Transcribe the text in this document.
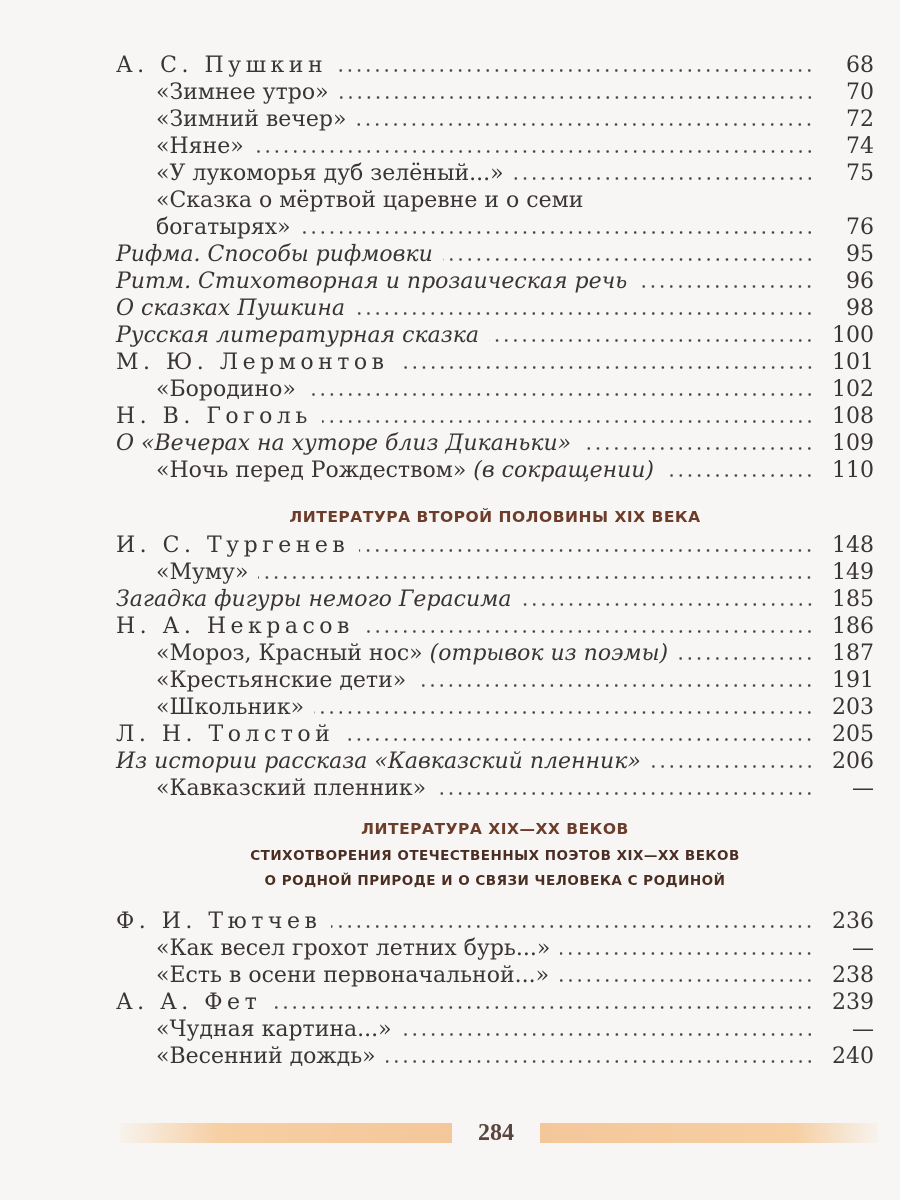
А. С. Пушкин	68
«Зимнее утро»	70
«Зимний вечер»	72
«Няне»	74
«У лукоморья дуб зелёный...»	75
«Сказка о мёртвой царевне и о семи
богатырях»	76
Рифма. Способы рифмовки	95
Ритм. Стихотворная и прозаическая речь	96
О сказках Пушкина	98
Русская литературная сказка	100
М. Ю. Лермонтов	101
«Бородино»	102
Н. В. Гоголь	108
О «Вечерах на хуторе близ Диканьки»	109
«Ночь перед Рождеством» (в сокращении)	110
ЛИТЕРАТУРА ВТОРОЙ ПОЛОВИНЫ XIX ВЕКА
И. С. Тургенев	148
«Муму»	149
Загадка фигуры немого Герасима	185
Н. А. Некрасов	186
«Мороз, Красный нос» (отрывок из поэмы)	187
«Крестьянские дети»	191
«Школьник»	203
Л. Н. Толстой	205
Из истории рассказа «Кавказский пленник»	206
«Кавказский пленник»	—
ЛИТЕРАТУРА XIX—XX ВЕКОВ
СТИХОТВОРЕНИЯ ОТЕЧЕСТВЕННЫХ ПОЭТОВ XIX—XX ВЕКОВ
О РОДНОЙ ПРИРОДЕ И О СВЯЗИ ЧЕЛОВЕКА С РОДИНОЙ
Ф. И. Тютчев	236
«Как весел грохот летних бурь...»	—
«Есть в осени первоначальной...»	238
А. А. Фет	239
«Чудная картина...»	—
«Весенний дождь»	240
284
